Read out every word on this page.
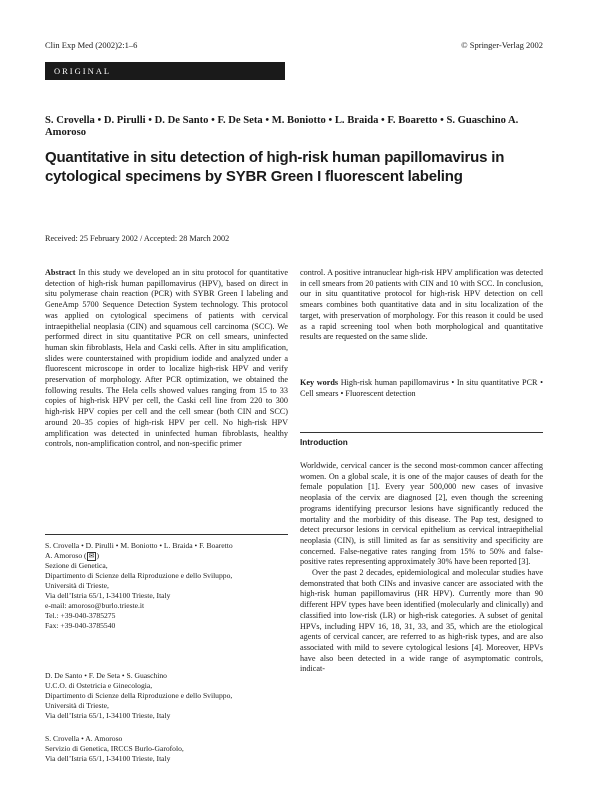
Clin Exp Med (2002)2:1–6	© Springer-Verlag 2002
ORIGINAL
S. Crovella • D. Pirulli • D. De Santo • F. De Seta • M. Boniotto • L. Braida • F. Boaretto • S. Guaschino A. Amoroso
Quantitative in situ detection of high-risk human papillomavirus in cytological specimens by SYBR Green I fluorescent labeling
Received: 25 February 2002 / Accepted: 28 March 2002
Abstract In this study we developed an in situ protocol for quantitative detection of high-risk human papillomavirus (HPV), based on direct in situ polymerase chain reaction (PCR) with SYBR Green I labeling and GeneAmp 5700 Sequence Detection System technology. This protocol was applied on cytological specimens of patients with cervical intraepithelial neoplasia (CIN) and squamous cell carcinoma (SCC). We performed direct in situ quantitative PCR on cell smears, uninfected human skin fibroblasts, Hela and Caski cells. After in situ amplification, slides were counterstained with propidium iodide and analyzed under a fluorescent microscope in order to localize high-risk HPV and verify preservation of morphology. After PCR optimization, we obtained the following results. The Hela cells showed values ranging from 15 to 33 copies of high-risk HPV per cell, the Caski cell line from 220 to 300 high-risk HPV copies per cell and the cell smear (both CIN and SCC) around 20–35 copies of high-risk HPV per cell. No high-risk HPV amplification was detected in uninfected human fibroblasts, healthy controls, non-amplification control, and non-specific primer
control. A positive intranuclear high-risk HPV amplification was detected in cell smears from 20 patients with CIN and 10 with SCC. In conclusion, our in situ quantitative protocol for high-risk HPV detection on cell smears combines both quantitative data and in situ localization of the target, with preservation of morphology. For this reason it could be used as a rapid screening tool when both morphological and quantitative results are requested on the same slide.
Key words High-risk human papillomavirus • In situ quantitative PCR • Cell smears • Fluorescent detection
Introduction

Worldwide, cervical cancer is the second most-common cancer affecting women. On a global scale, it is one of the major causes of death for the female population [1]. Every year 500,000 new cases of invasive neoplasia of the cervix are diagnosed [2], even though the screening programs identifying precursor lesions have significantly reduced the mortality and the morbidity of this disease. The Pap test, designed to detect precursor lesions in cervical epithelium as cervical intraepithelial neoplasia (CIN), is still limited as far as sensitivity and specificity are concerned. False-negative rates ranging from 15% to 50% and false-positive rates representing approximately 30% have been reported [3].

Over the past 2 decades, epidemiological and molecular studies have demonstrated that both CINs and invasive cancer are associated with the high-risk human papillomavirus (HR HPV). Currently more than 90 different HPV types have been identified (molecularly and clinically) and classified into low-risk (LR) or high-risk categories. A subset of genital HPVs, including HPV 16, 18, 31, 33, and 35, which are the etiological agents of cervical cancer, are referred to as high-risk types, and are also associated with mild to severe cytological lesions [4]. Moreover, HPVs have also been detected in a wide range of asymptomatic controls, indicat-

S. Crovella • D. Pirulli • M. Boniotto • L. Braida • F. Boaretto
A. Amoroso ( ✉ )
Sezione di Genetica,
Dipartimento di Scienze della Riproduzione e dello Sviluppo,
Università di Trieste,
Via dell’Istria 65/1, I-34100 Trieste, Italy
e-mail: amoroso@burlo.trieste.it
Tel.: +39-040-3785275
Fax: +39-040-3785540
D. De Santo • F. De Seta • S. Guaschino
U.C.O. di Ostetricia e Ginecologia,
Dipartimento di Scienze della Riproduzione e dello Sviluppo,
Università di Trieste,
Via dell’Istria 65/1, I-34100 Trieste, Italy
S. Crovella • A. Amoroso
Servizio di Genetica, IRCCS Burlo-Garofolo,
Via dell’Istria 65/1, I-34100 Trieste, Italy
